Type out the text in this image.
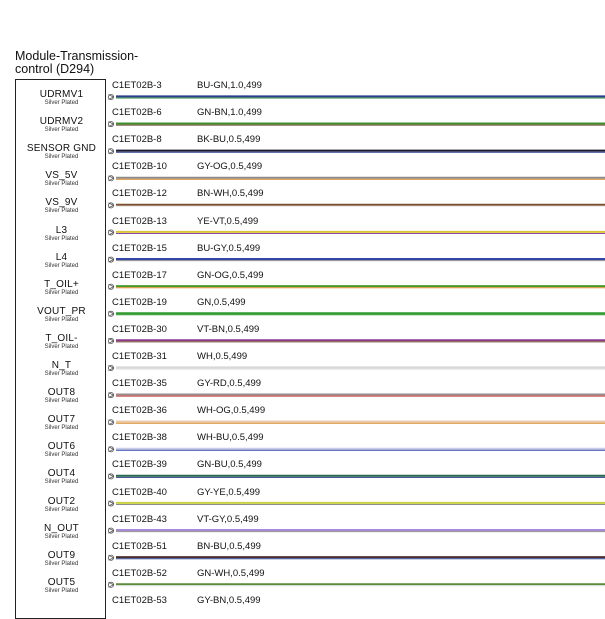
Module-Transmission-control (D294)
UDRMV1
Silver Plated
UDRMV2
Silver Plated
SENSOR GND
Silver Plated
VS_5V
Silver Plated
VS_9V
Silver Plated
L3
Silver Plated
L4
Silver Plated
T_OIL+
Silver Plated
VOUT_PR
Silver Plated
T_OIL-
Silver Plated
N_T
Silver Plated
OUT8
Silver Plated
OUT7
Silver Plated
OUT6
Silver Plated
OUT4
Silver Plated
OUT2
Silver Plated
N_OUT
Silver Plated
OUT9
Silver Plated
OUT5
Silver Plated
C1ET02B-3	BU-GN,1.0,499
C1ET02B-6	GN-BN,1.0,499
C1ET02B-8	BK-BU,0.5,499
C1ET02B-10	GY-OG,0.5,499
C1ET02B-12	BN-WH,0.5,499
C1ET02B-13	YE-VT,0.5,499
C1ET02B-15	BU-GY,0.5,499
C1ET02B-17	GN-OG,0.5,499
C1ET02B-19	GN,0.5,499
C1ET02B-30	VT-BN,0.5,499
C1ET02B-31	WH,0.5,499
C1ET02B-35	GY-RD,0.5,499
C1ET02B-36	WH-OG,0.5,499
C1ET02B-38	WH-BU,0.5,499
C1ET02B-39	GN-BU,0.5,499
C1ET02B-40	GY-YE,0.5,499
C1ET02B-43	VT-GY,0.5,499
C1ET02B-51	BN-BU,0.5,499
C1ET02B-52	GN-WH,0.5,499
C1ET02B-53	GY-BN,0.5,499
